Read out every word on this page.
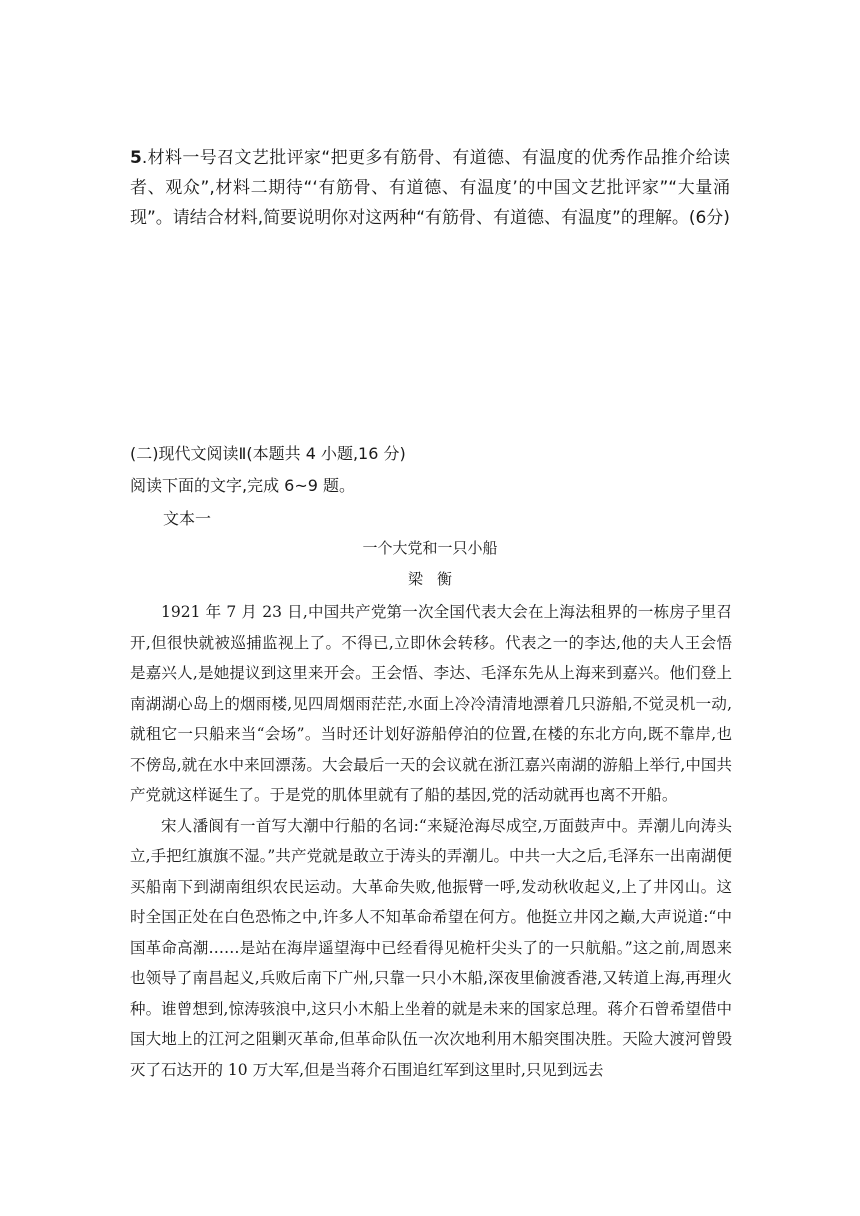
5.材料一号召文艺批评家“把更多有筋骨、有道德、有温度的优秀作品推介给读者、观众”,材料二期待“‘有筋骨、有道德、有温度’的中国文艺批评家”“大量涌现”。请结合材料,简要说明你对这两种“有筋骨、有道德、有温度”的理解。(6分)
(二)现代文阅读Ⅱ(本题共 4 小题,16 分)
阅读下面的文字,完成 6~9 题。
文本一
一个大党和一只小船
梁衡

1921 年 7 月 23 日,中国共产党第一次全国代表大会在上海法租界的一栋房子里召开,但很快就被巡捕监视上了。不得已,立即休会转移。代表之一的李达,他的夫人王会悟是嘉兴人,是她提议到这里来开会。王会悟、李达、毛泽东先从上海来到嘉兴。他们登上南湖湖心岛上的烟雨楼,见四周烟雨茫茫,水面上冷冷清清地漂着几只游船,不觉灵机一动,就租它一只船来当“会场”。当时还计划好游船停泊的位置,在楼的东北方向,既不靠岸,也不傍岛,就在水中来回漂荡。大会最后一天的会议就在浙江嘉兴南湖的游船上举行,中国共产党就这样诞生了。于是党的肌体里就有了船的基因,党的活动就再也离不开船。

宋人潘阆有一首写大潮中行船的名词:“来疑沧海尽成空,万面鼓声中。弄潮儿向涛头立,手把红旗旗不湿。”共产党就是敢立于涛头的弄潮儿。中共一大之后,毛泽东一出南湖便买船南下到湖南组织农民运动。大革命失败,他振臂一呼,发动秋收起义,上了井冈山。这时全国正处在白色恐怖之中,许多人不知革命希望在何方。他挺立井冈之巅,大声说道:“中国革命高潮……是站在海岸遥望海中已经看得见桅杆尖头了的一只航船。”这之前,周恩来也领导了南昌起义,兵败后南下广州,只靠一只小木船,深夜里偷渡香港,又转道上海,再理火种。谁曾想到,惊涛骇浪中,这只小木船上坐着的就是未来的国家总理。蒋介石曾希望借中国大地上的江河之阻剿灭革命,但革命队伍一次次地利用木船突围决胜。天险大渡河曾毁灭了石达开的 10 万大军,但是当蒋介石围追红军到这里时,只见到远去
